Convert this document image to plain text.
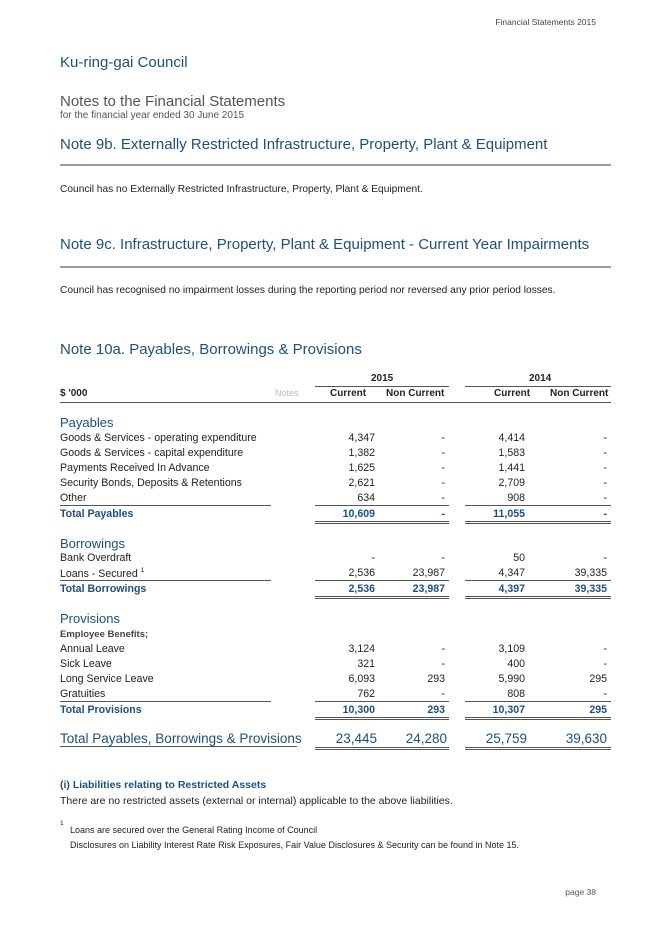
Financial Statements 2015
Ku-ring-gai Council
Notes to the Financial Statements
for the financial year ended 30 June 2015
Note 9b. Externally Restricted Infrastructure, Property, Plant & Equipment
Council has no Externally Restricted Infrastructure, Property, Plant & Equipment.
Note 9c. Infrastructure, Property, Plant & Equipment - Current Year Impairments
Council has recognised no impairment losses during the reporting period nor reversed any prior period losses.
Note 10a. Payables, Borrowings & Provisions
2015	2014
$ '000	Notes	Current Non Current	Current Non Current
Payables
Goods & Services - operating expenditure	4,347	-	4,414	-
Goods & Services - capital expenditure	1,382	-	1,583	-
Payments Received In Advance	1,625	-	1,441	-
Security Bonds, Deposits & Retentions	2,621	-	2,709	-
Other	634	-	908	-
Total Payables	10,609	-	11,055	-
Borrowings
Bank Overdraft	-	-	50	-
Loans - Secured $^1$	2,536	23,987	4,347	39,335
Total Borrowings	2,536	23,987	4,397	39,335
Provisions
Employee Benefits;
Annual Leave	3,124	-	3,109	-
Sick Leave	321	-	400	-
Long Service Leave	6,093	293	5,990	295
Gratuities	762	-	808	-
Total Provisions	10,300	293	10,307	295
Total Payables, Borrowings & Provisions	23,445 24,280	25,759	39,630
(i) Liabilities relating to Restricted Assets
There are no restricted assets (external or internal) applicable to the above liabilities.
1
Loans are secured over the General Rating Income of Council
Disclosures on Liability Interest Rate Risk Exposures, Fair Value Disclosures & Security can be found in Note 15.
page 38
